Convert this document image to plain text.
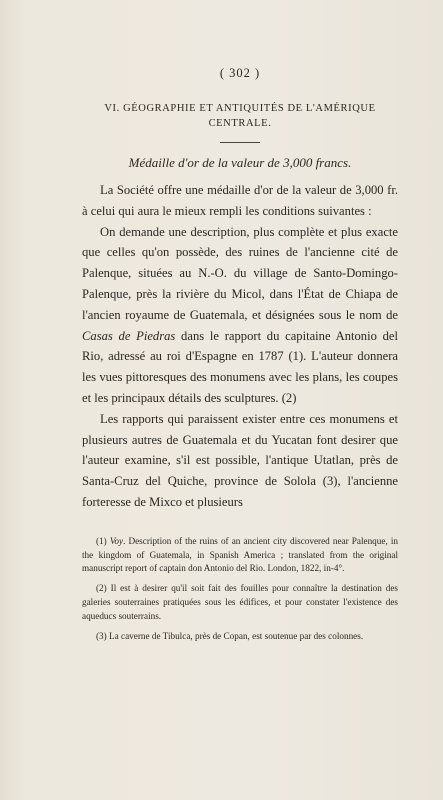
( 302 )

VI. GÉOGRAPHIE ET ANTIQUITÉS DE L'AMÉRIQUE
CENTRALE.

Médaille d'or de la valeur de 3,000 francs.

La Société offre une médaille d'or de la valeur de 3,000 fr. à celui qui aura le mieux rempli les conditions suivantes :

On demande une description, plus complète et plus exacte que celles qu'on possède, des ruines de l'ancienne cité de Palenque, situées au N.-O. du village de Santo-Domingo-Palenque, près la rivière du Micol, dans l'État de Chiapa de l'ancien royaume de Guatemala, et désignées sous le nom de Casas de Piedras dans le rapport du capitaine Antonio del Rio, adressé au roi d'Espagne en 1787 (1). L'auteur donnera les vues pittoresques des monumens avec les plans, les coupes et les principaux détails des sculptures. (2)

Les rapports qui paraissent exister entre ces monumens et plusieurs autres de Guatemala et du Yucatan font desirer que l'auteur examine, s'il est possible, l'antique Utatlan, près de Santa-Cruz del Quiche, province de Solola (3), l'ancienne forteresse de Mixco et plusieurs

(1) Voy. Description of the ruins of an ancient city discovered near Palenque, in the kingdom of Guatemala, in Spanish America ; translated from the original manuscript report of captain don Antonio del Rio. London, 1822, in-4°.

(2) Il est à desirer qu'il soit fait des fouilles pour connaître la destination des galeries souterraines pratiquées sous les édifices, et pour constater l'existence des aqueducs souterrains.

(3) La caverne de Tibulca, près de Copan, est soutenue par des colonnes.
